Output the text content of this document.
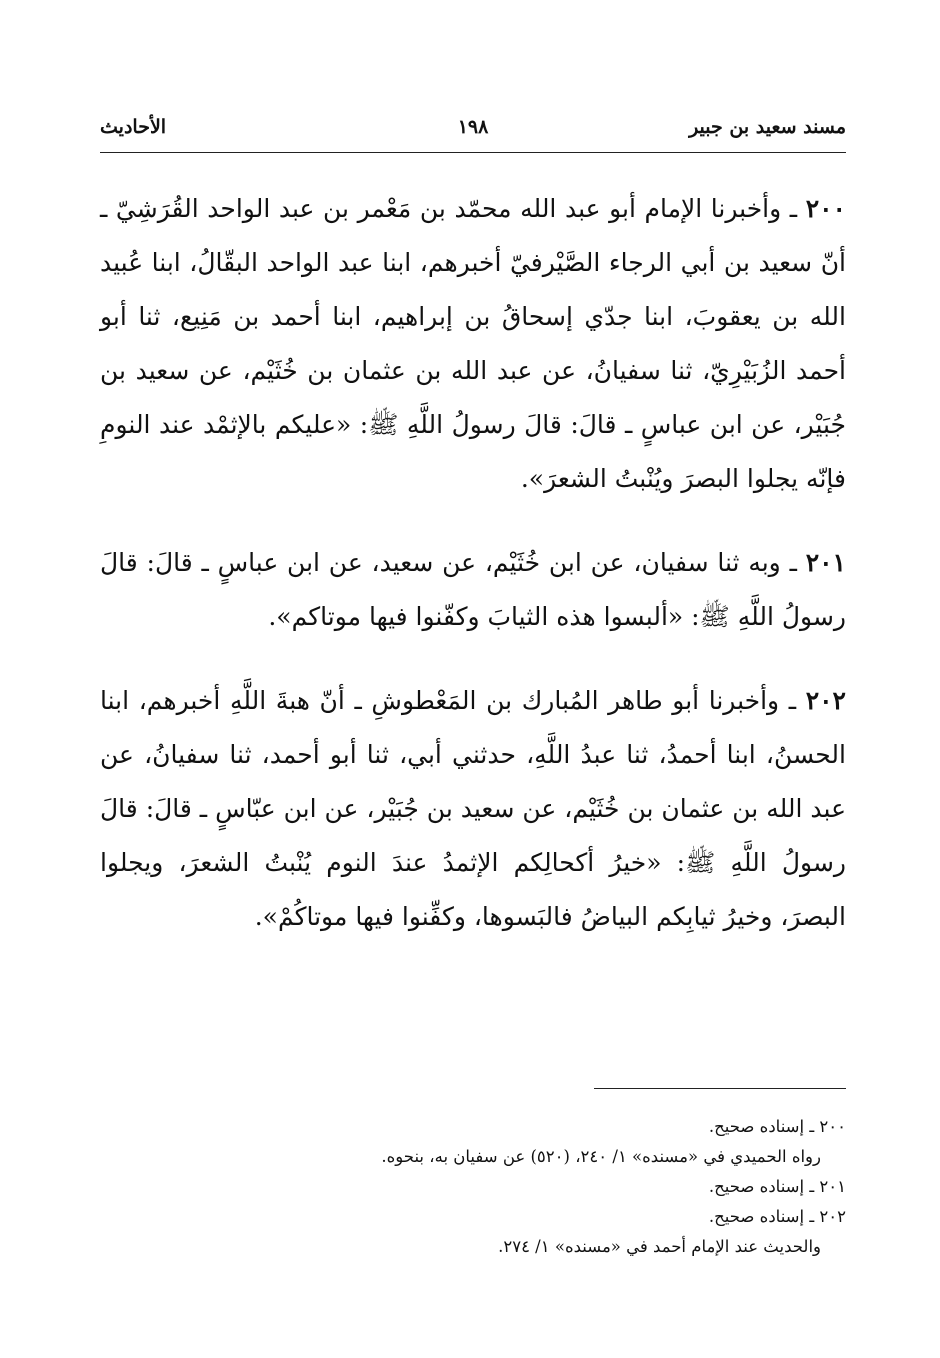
مسند سعيد بن جبير
١٩٨
الأحاديث

٢٠٠ ـ وأخبرنا الإمام أبو عبد الله محمّد بن مَعْمر بن عبد الواحد القُرَشِيّ ـ أنّ سعيد بن أبي الرجاء الصَّيْرفيّ أخبرهم، ابنا عبد الواحد البقّالُ، ابنا عُبيد الله بن يعقوبَ، ابنا جدّي إسحاقُ بن إبراهيم، ابنا أحمد بن مَنِيع، ثنا أبو أحمد الزُبَيْرِيّ، ثنا سفيانُ، عن عبد الله بن عثمان بن خُثَيْم، عن سعيد بن جُبَيْر، عن ابن عباسٍ ـ قالَ: قالَ رسولُ اللَّهِ ﷺ: «عليكم بالإثمْد عند النومِ فإنّه يجلوا البصرَ ويُنْبتُ الشعرَ».

٢٠١ ـ وبه ثنا سفيان، عن ابن خُثَيْم، عن سعيد، عن ابن عباسٍ ـ قالَ: قالَ رسولُ اللَّهِ ﷺ: «ألبسوا هذه الثيابَ وكفّنوا فيها موتاكم».

٢٠٢ ـ وأخبرنا أبو طاهر المُبارك بن المَعْطوشِ ـ أنّ هبةَ اللَّهِ أخبرهم، ابنا الحسنُ، ابنا أحمدُ، ثنا عبدُ اللَّهِ، حدثني أبي، ثنا أبو أحمد، ثنا سفيانُ، عن عبد الله بن عثمان بن خُثَيْم، عن سعيد بن جُبَيْر، عن ابن عبّاسٍ ـ قالَ: قالَ رسولُ اللَّهِ ﷺ: «خيرُ أكحالِكم الإثمدُ عندَ النوم يُنْبتُ الشعرَ، ويجلوا البصرَ، وخيرُ ثيابِكم البياضُ فالبَسوها، وكفِّنوا فيها موتاكُمْ».

٢٠٠ ـ إسناده صحيح.

رواه الحميدي في «مسنده» ١/ ٢٤٠، (٥٢٠) عن سفيان به، بنحوه.

٢٠١ ـ إسناده صحيح.

٢٠٢ ـ إسناده صحيح.

والحديث عند الإمام أحمد في «مسنده» ١/ ٢٧٤.
